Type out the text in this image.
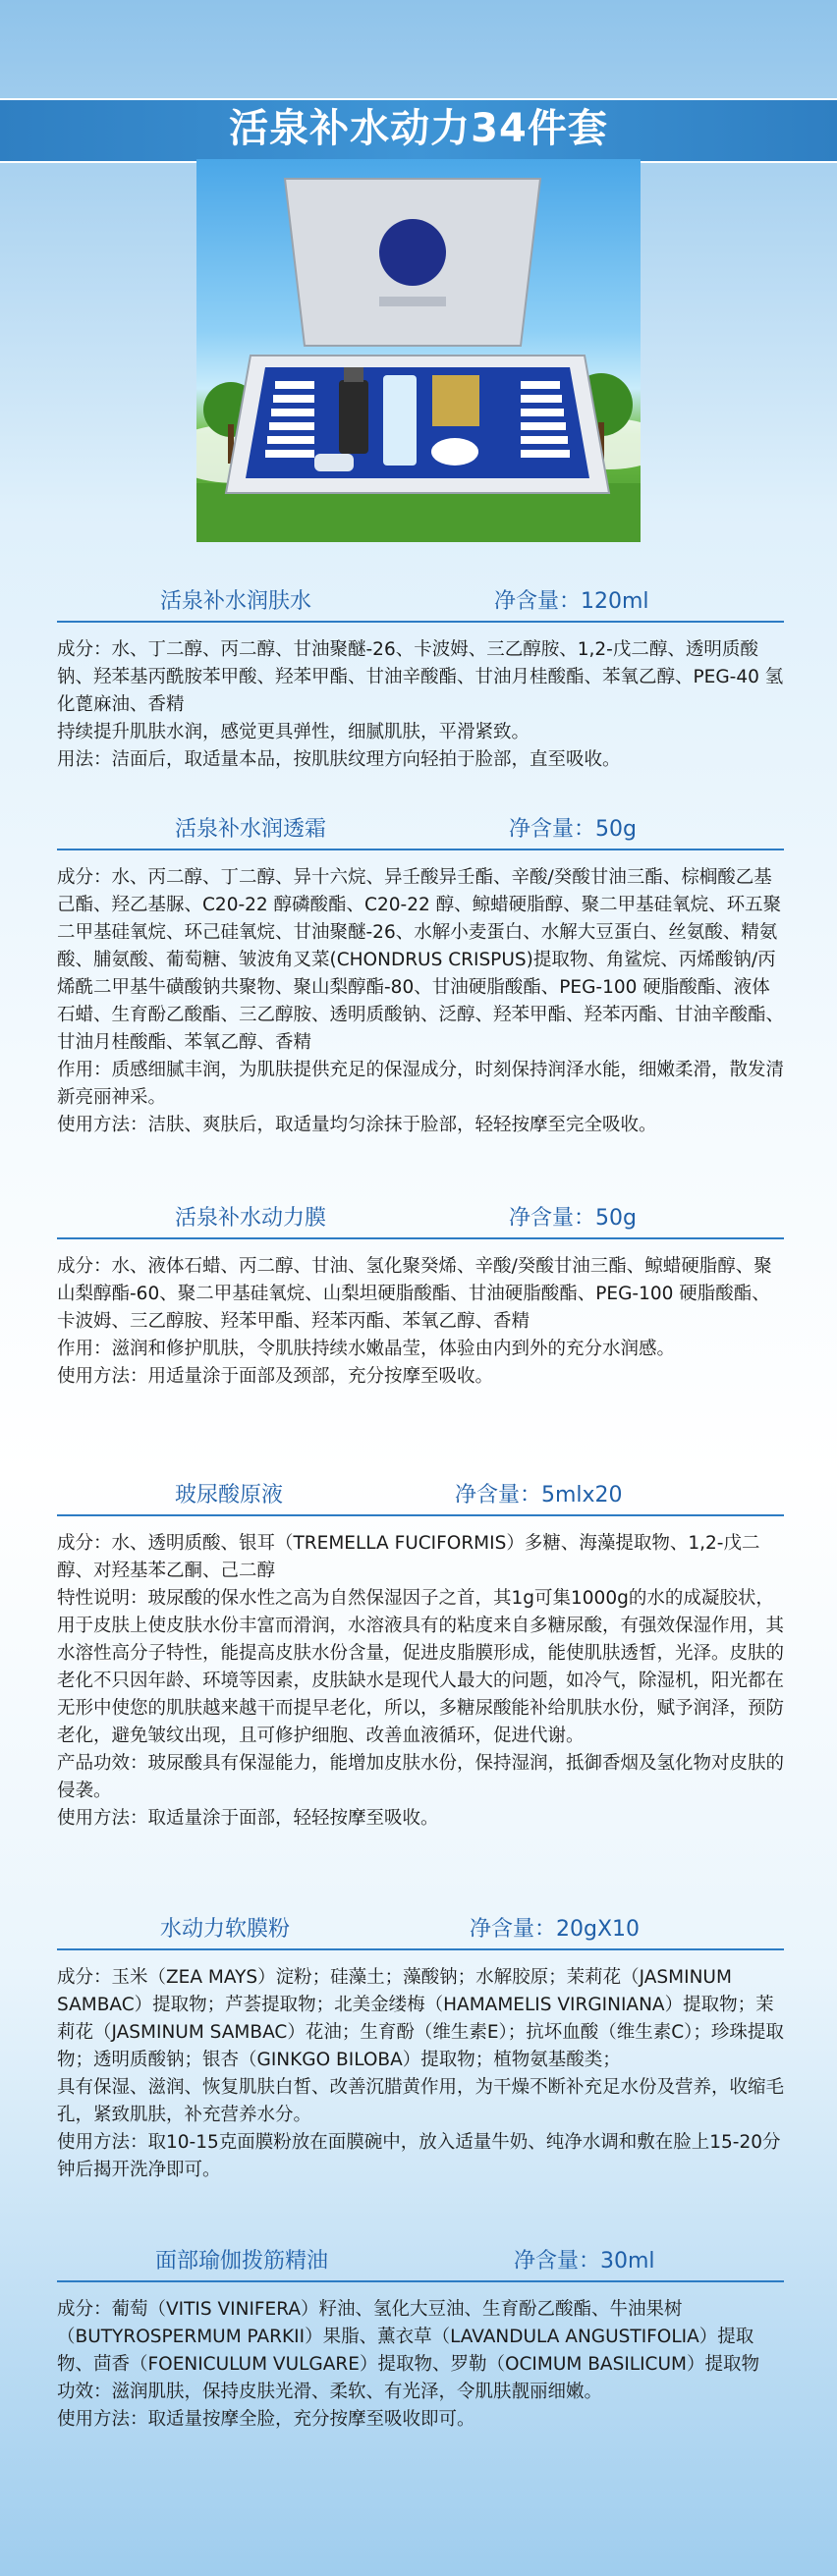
活泉补水动力34件套
活泉补水润肤水	净含量：120ml

成分：水、丁二醇、丙二醇、甘油聚醚-26、卡波姆、三乙醇胺、1,2-戊二醇、透明质酸钠、羟苯基丙酰胺苯甲酸、羟苯甲酯、甘油辛酸酯、甘油月桂酸酯、苯氧乙醇、PEG-40 氢化蓖麻油、香精

持续提升肌肤水润，感觉更具弹性，细腻肌肤，平滑紧致。

用法：洁面后，取适量本品，按肌肤纹理方向轻拍于脸部，直至吸收。

活泉补水润透霜	净含量：50g

成分：水、丙二醇、丁二醇、异十六烷、异壬酸异壬酯、辛酸/癸酸甘油三酯、棕榈酸乙基己酯、羟乙基脲、C20-22 醇磷酸酯、C20-22 醇、鲸蜡硬脂醇、聚二甲基硅氧烷、环五聚二甲基硅氧烷、环己硅氧烷、甘油聚醚-26、水解小麦蛋白、水解大豆蛋白、丝氨酸、精氨酸、脯氨酸、葡萄糖、皱波角叉菜(CHONDRUS CRISPUS)提取物、角鲨烷、丙烯酸钠/丙烯酰二甲基牛磺酸钠共聚物、聚山梨醇酯-80、甘油硬脂酸酯、PEG-100 硬脂酸酯、液体石蜡、生育酚乙酸酯、三乙醇胺、透明质酸钠、泛醇、羟苯甲酯、羟苯丙酯、甘油辛酸酯、甘油月桂酸酯、苯氧乙醇、香精

作用：质感细腻丰润，为肌肤提供充足的保湿成分，时刻保持润泽水能，细嫩柔滑，散发清新亮丽神采。

使用方法：洁肤、爽肤后，取适量均匀涂抹于脸部，轻轻按摩至完全吸收。

活泉补水动力膜	净含量：50g

成分：水、液体石蜡、丙二醇、甘油、氢化聚癸烯、辛酸/癸酸甘油三酯、鲸蜡硬脂醇、聚山梨醇酯-60、聚二甲基硅氧烷、山梨坦硬脂酸酯、甘油硬脂酸酯、PEG-100 硬脂酸酯、卡波姆、三乙醇胺、羟苯甲酯、羟苯丙酯、苯氧乙醇、香精

作用：滋润和修护肌肤，令肌肤持续水嫩晶莹，体验由内到外的充分水润感。

使用方法：用适量涂于面部及颈部，充分按摩至吸收。

玻尿酸原液	净含量：5mlx20

成分：水、透明质酸、银耳（TREMELLA FUCIFORMIS）多糖、海藻提取物、1,2-戊二醇、对羟基苯乙酮、己二醇

特性说明：玻尿酸的保水性之高为自然保湿因子之首，其1g可集1000g的水的成凝胶状，用于皮肤上使皮肤水份丰富而滑润，水溶液具有的粘度来自多糖尿酸，有强效保湿作用，其水溶性高分子特性，能提高皮肤水份含量，促进皮脂膜形成，能使肌肤透皙，光泽。皮肤的老化不只因年龄、环境等因素，皮肤缺水是现代人最大的问题，如冷气，除湿机，阳光都在无形中使您的肌肤越来越干而提早老化，所以，多糖尿酸能补给肌肤水份，赋予润泽，预防老化，避免皱纹出现，且可修护细胞、改善血液循环，促进代谢。

产品功效：玻尿酸具有保湿能力，能增加皮肤水份，保持湿润，抵御香烟及氢化物对皮肤的侵袭。

使用方法：取适量涂于面部，轻轻按摩至吸收。

水动力软膜粉	净含量：20gX10

成分：玉米（ZEA MAYS）淀粉；硅藻土；藻酸钠；水解胶原；茉莉花（JASMINUM SAMBAC）提取物；芦荟提取物；北美金缕梅（HAMAMELIS VIRGINIANA）提取物；茉莉花（JASMINUM SAMBAC）花油；生育酚（维生素E）；抗坏血酸（维生素C）；珍珠提取物；透明质酸钠；银杏（GINKGO BILOBA）提取物；植物氨基酸类；

具有保湿、滋润、恢复肌肤白皙、改善沉腊黄作用，为干燥不断补充足水份及营养，收缩毛孔，紧致肌肤，补充营养水分。

使用方法：取10-15克面膜粉放在面膜碗中，放入适量牛奶、纯净水调和敷在脸上15-20分钟后揭开洗净即可。

面部瑜伽拨筋精油	净含量：30ml

成分：葡萄（VITIS VINIFERA）籽油、氢化大豆油、生育酚乙酸酯、牛油果树（BUTYROSPERMUM PARKII）果脂、薰衣草（LAVANDULA ANGUSTIFOLIA）提取物、茴香（FOENICULUM VULGARE）提取物、罗勒（OCIMUM BASILICUM）提取物

功效：滋润肌肤，保持皮肤光滑、柔软、有光泽，令肌肤靓丽细嫩。

使用方法：取适量按摩全脸，充分按摩至吸收即可。
